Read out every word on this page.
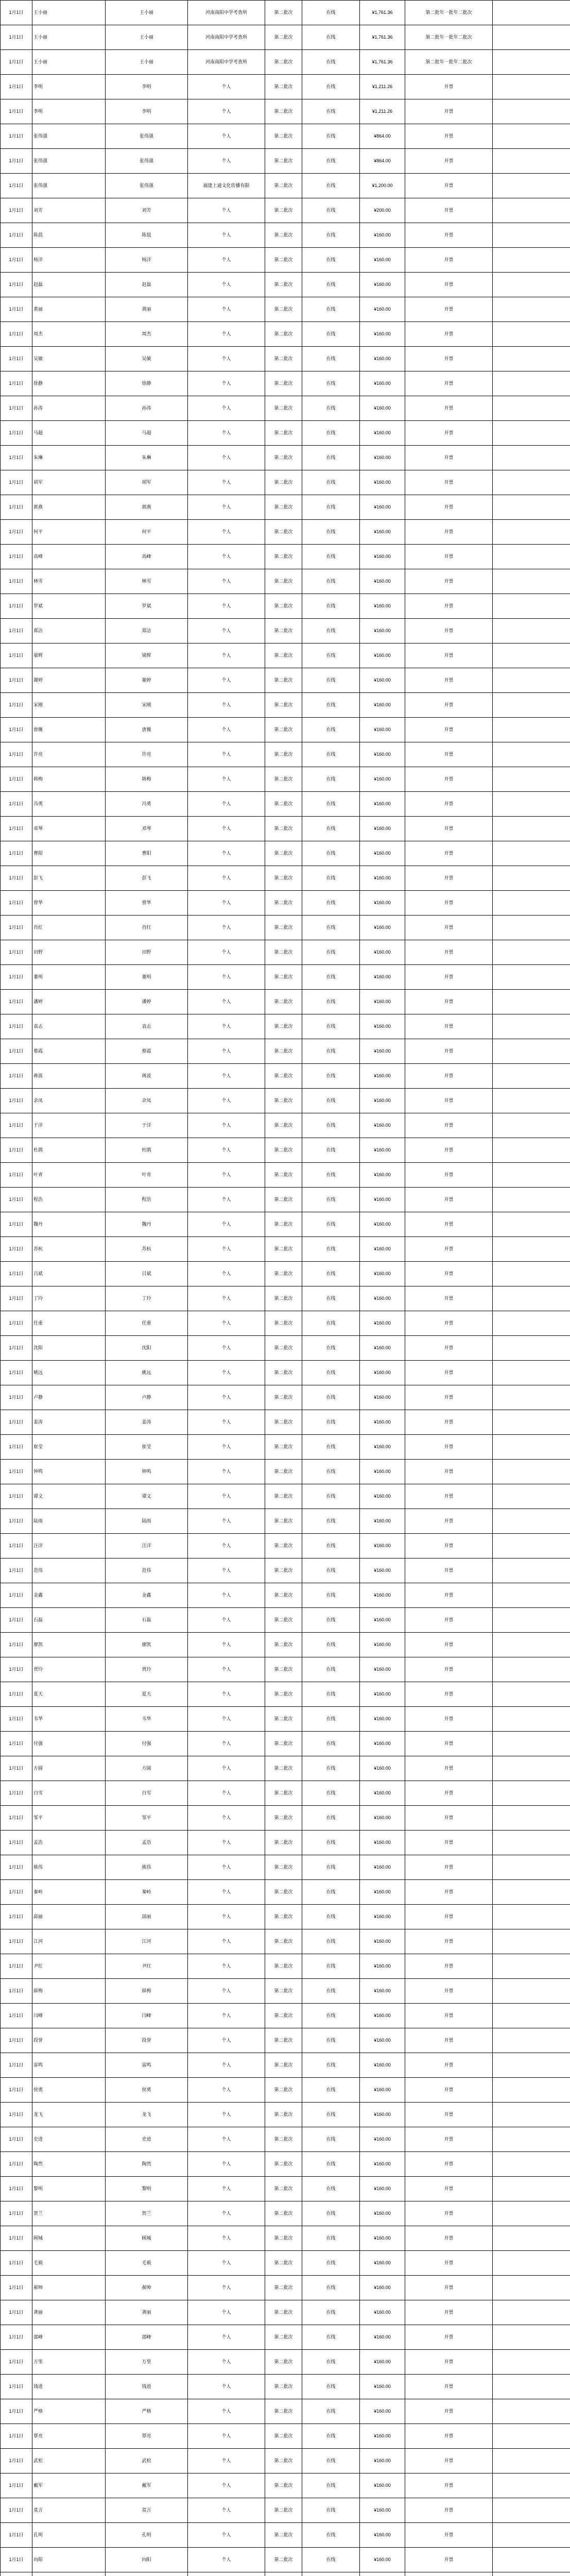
1月1日	王小丽	王小丽	河南南阳中学考查所	第二批次	在线	¥1,761.36	第二批年一批年二批次
1月1日	王小丽	王小丽	河南南阳中学考查所	第二批次	在线	¥1,761.36	第二批年一批年二批次
1月1日	王小丽	王小丽	河南南阳中学考查所	第二批次	在线	¥1,761.36	第二批年一批年二批次
1月1日	李明	李明	个人	第二批次	在线	¥1,211.26	开票
1月1日	李明	李明	个人	第二批次	在线	¥1,211.26	开票
1月1日	张伟强	张伟强	个人	第二批次	在线	¥864.00	开票
1月1日	张伟强	张伟强	个人	第二批次	在线	¥864.00	开票
1月1日	张伟强	张伟强	福建上通文化传播有限	第二批次	在线	¥1,200.00	开票
1月1日	刘芳	刘芳	个人	第二批次	在线	¥200.00	开票
1月1日	陈晨	陈晨	个人	第二批次	在线	¥160.00	开票
1月1日	杨洋	杨洋	个人	第二批次	在线	¥160.00	开票
1月1日	赵磊	赵磊	个人	第二批次	在线	¥160.00	开票
1月1日	黄丽	黄丽	个人	第二批次	在线	¥160.00	开票
1月1日	周杰	周杰	个人	第二批次	在线	¥160.00	开票
1月1日	吴敏	吴敏	个人	第二批次	在线	¥160.00	开票
1月1日	徐静	徐静	个人	第二批次	在线	¥160.00	开票
1月1日	孙涛	孙涛	个人	第二批次	在线	¥160.00	开票
1月1日	马超	马超	个人	第二批次	在线	¥160.00	开票
1月1日	朱琳	朱琳	个人	第二批次	在线	¥160.00	开票
1月1日	胡军	胡军	个人	第二批次	在线	¥160.00	开票
1月1日	郭燕	郭燕	个人	第二批次	在线	¥160.00	开票
1月1日	何平	何平	个人	第二批次	在线	¥160.00	开票
1月1日	高峰	高峰	个人	第二批次	在线	¥160.00	开票
1月1日	林雪	林雪	个人	第二批次	在线	¥160.00	开票
1月1日	罗斌	罗斌	个人	第二批次	在线	¥160.00	开票
1月1日	郑洁	郑洁	个人	第二批次	在线	¥160.00	开票
1月1日	梁辉	梁辉	个人	第二批次	在线	¥160.00	开票
1月1日	谢婷	谢婷	个人	第二批次	在线	¥160.00	开票
1月1日	宋刚	宋刚	个人	第二批次	在线	¥160.00	开票
1月1日	唐薇	唐薇	个人	第二批次	在线	¥160.00	开票
1月1日	许亮	许亮	个人	第二批次	在线	¥160.00	开票
1月1日	韩梅	韩梅	个人	第二批次	在线	¥160.00	开票
1月1日	冯勇	冯勇	个人	第二批次	在线	¥160.00	开票
1月1日	邓琴	邓琴	个人	第二批次	在线	¥160.00	开票
1月1日	曹阳	曹阳	个人	第二批次	在线	¥160.00	开票
1月1日	彭飞	彭飞	个人	第二批次	在线	¥160.00	开票
1月1日	曾华	曾华	个人	第二批次	在线	¥160.00	开票
1月1日	肖红	肖红	个人	第二批次	在线	¥160.00	开票
1月1日	田野	田野	个人	第二批次	在线	¥160.00	开票
1月1日	董明	董明	个人	第二批次	在线	¥160.00	开票
1月1日	潘婷	潘婷	个人	第二批次	在线	¥160.00	开票
1月1日	袁志	袁志	个人	第二批次	在线	¥160.00	开票
1月1日	蔡霞	蔡霞	个人	第二批次	在线	¥160.00	开票
1月1日	蒋波	蒋波	个人	第二批次	在线	¥160.00	开票
1月1日	余凤	余凤	个人	第二批次	在线	¥160.00	开票
1月1日	于洋	于洋	个人	第二批次	在线	¥160.00	开票
1月1日	杜鹃	杜鹃	个人	第二批次	在线	¥160.00	开票
1月1日	叶青	叶青	个人	第二批次	在线	¥160.00	开票
1月1日	程浩	程浩	个人	第二批次	在线	¥160.00	开票
1月1日	魏丹	魏丹	个人	第二批次	在线	¥160.00	开票
1月1日	苏杭	苏杭	个人	第二批次	在线	¥160.00	开票
1月1日	吕斌	吕斌	个人	第二批次	在线	¥160.00	开票
1月1日	丁玲	丁玲	个人	第二批次	在线	¥160.00	开票
1月1日	任重	任重	个人	第二批次	在线	¥160.00	开票
1月1日	沈阳	沈阳	个人	第二批次	在线	¥160.00	开票
1月1日	姚远	姚远	个人	第二批次	在线	¥160.00	开票
1月1日	卢静	卢静	个人	第二批次	在线	¥160.00	开票
1月1日	姜涛	姜涛	个人	第二批次	在线	¥160.00	开票
1月1日	崔莹	崔莹	个人	第二批次	在线	¥160.00	开票
1月1日	钟鸣	钟鸣	个人	第二批次	在线	¥160.00	开票
1月1日	谭文	谭文	个人	第二批次	在线	¥160.00	开票
1月1日	陆雨	陆雨	个人	第二批次	在线	¥160.00	开票
1月1日	汪洋	汪洋	个人	第二批次	在线	¥160.00	开票
1月1日	范伟	范伟	个人	第二批次	在线	¥160.00	开票
1月1日	金鑫	金鑫	个人	第二批次	在线	¥160.00	开票
1月1日	石磊	石磊	个人	第二批次	在线	¥160.00	开票
1月1日	廖凯	廖凯	个人	第二批次	在线	¥160.00	开票
1月1日	贾玲	贾玲	个人	第二批次	在线	¥160.00	开票
1月1日	夏天	夏天	个人	第二批次	在线	¥160.00	开票
1月1日	韦华	韦华	个人	第二批次	在线	¥160.00	开票
1月1日	付强	付强	个人	第二批次	在线	¥160.00	开票
1月1日	方圆	方圆	个人	第二批次	在线	¥160.00	开票
1月1日	白雪	白雪	个人	第二批次	在线	¥160.00	开票
1月1日	邹平	邹平	个人	第二批次	在线	¥160.00	开票
1月1日	孟浩	孟浩	个人	第二批次	在线	¥160.00	开票
1月1日	熊伟	熊伟	个人	第二批次	在线	¥160.00	开票
1月1日	秦岭	秦岭	个人	第二批次	在线	¥160.00	开票
1月1日	邱丽	邱丽	个人	第二批次	在线	¥160.00	开票
1月1日	江河	江河	个人	第二批次	在线	¥160.00	开票
1月1日	尹红	尹红	个人	第二批次	在线	¥160.00	开票
1月1日	薛梅	薛梅	个人	第二批次	在线	¥160.00	开票
1月1日	闫峰	闫峰	个人	第二批次	在线	¥160.00	开票
1月1日	段誉	段誉	个人	第二批次	在线	¥160.00	开票
1月1日	雷鸣	雷鸣	个人	第二批次	在线	¥160.00	开票
1月1日	侯勇	侯勇	个人	第二批次	在线	¥160.00	开票
1月1日	龙飞	龙飞	个人	第二批次	在线	¥160.00	开票
1月1日	史进	史进	个人	第二批次	在线	¥160.00	开票
1月1日	陶然	陶然	个人	第二批次	在线	¥160.00	开票
1月1日	黎明	黎明	个人	第二批次	在线	¥160.00	开票
1月1日	贺兰	贺兰	个人	第二批次	在线	¥160.00	开票
1月1日	顾城	顾城	个人	第二批次	在线	¥160.00	开票
1月1日	毛毅	毛毅	个人	第二批次	在线	¥160.00	开票
1月1日	郝帅	郝帅	个人	第二批次	在线	¥160.00	开票
1月1日	龚丽	龚丽	个人	第二批次	在线	¥160.00	开票
1月1日	邵峰	邵峰	个人	第二批次	在线	¥160.00	开票
1月1日	万里	万里	个人	第二批次	在线	¥160.00	开票
1月1日	钱进	钱进	个人	第二批次	在线	¥160.00	开票
1月1日	严格	严格	个人	第二批次	在线	¥160.00	开票
1月1日	覃亮	覃亮	个人	第二批次	在线	¥160.00	开票
1月1日	武松	武松	个人	第二批次	在线	¥160.00	开票
1月1日	戴军	戴军	个人	第二批次	在线	¥160.00	开票
1月1日	莫言	莫言	个人	第二批次	在线	¥160.00	开票
1月1日	孔明	孔明	个人	第二批次	在线	¥160.00	开票
1月1日	向阳	向阳	个人	第二批次	在线	¥160.00	开票
